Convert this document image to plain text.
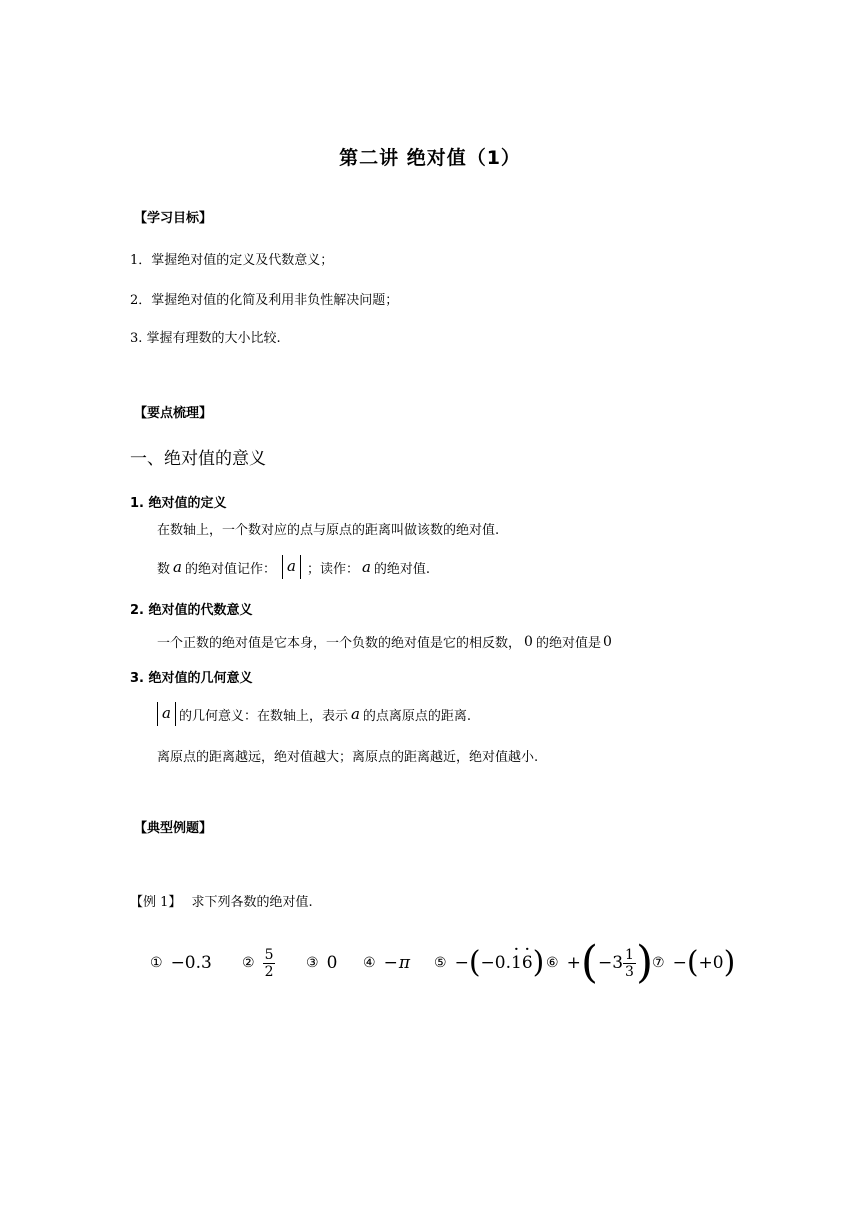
第二讲 绝对值（1）
【学习目标】
1．掌握绝对值的定义及代数意义；
2．掌握绝对值的化简及利用非负性解决问题；
3. 掌握有理数的大小比较.
【要点梳理】
一、绝对值的意义
1. 绝对值的定义
在数轴上，一个数对应的点与原点的距离叫做该数的绝对值.
数 a 的绝对值记作： a ；读作： a 的绝对值.
2. 绝对值的代数意义
一个正数的绝对值是它本身，一个负数的绝对值是它的相反数， 0 的绝对值是 0
3. 绝对值的几何意义
a 的几何意义：在数轴上，表示 a 的点离原点的距离.
离原点的距离越远，绝对值越大；离原点的距离越近，绝对值越小.
【典型例题】
【例 1】 求下列各数的绝对值.
① −0.3 ② $\frac{5}{2}$ ③ 0 ④ − π ⑤ − ( −0. 1 · 6 · ) ⑥ + ( $-3 \frac{1}{3}$ )
⑦ − ( +0 )
